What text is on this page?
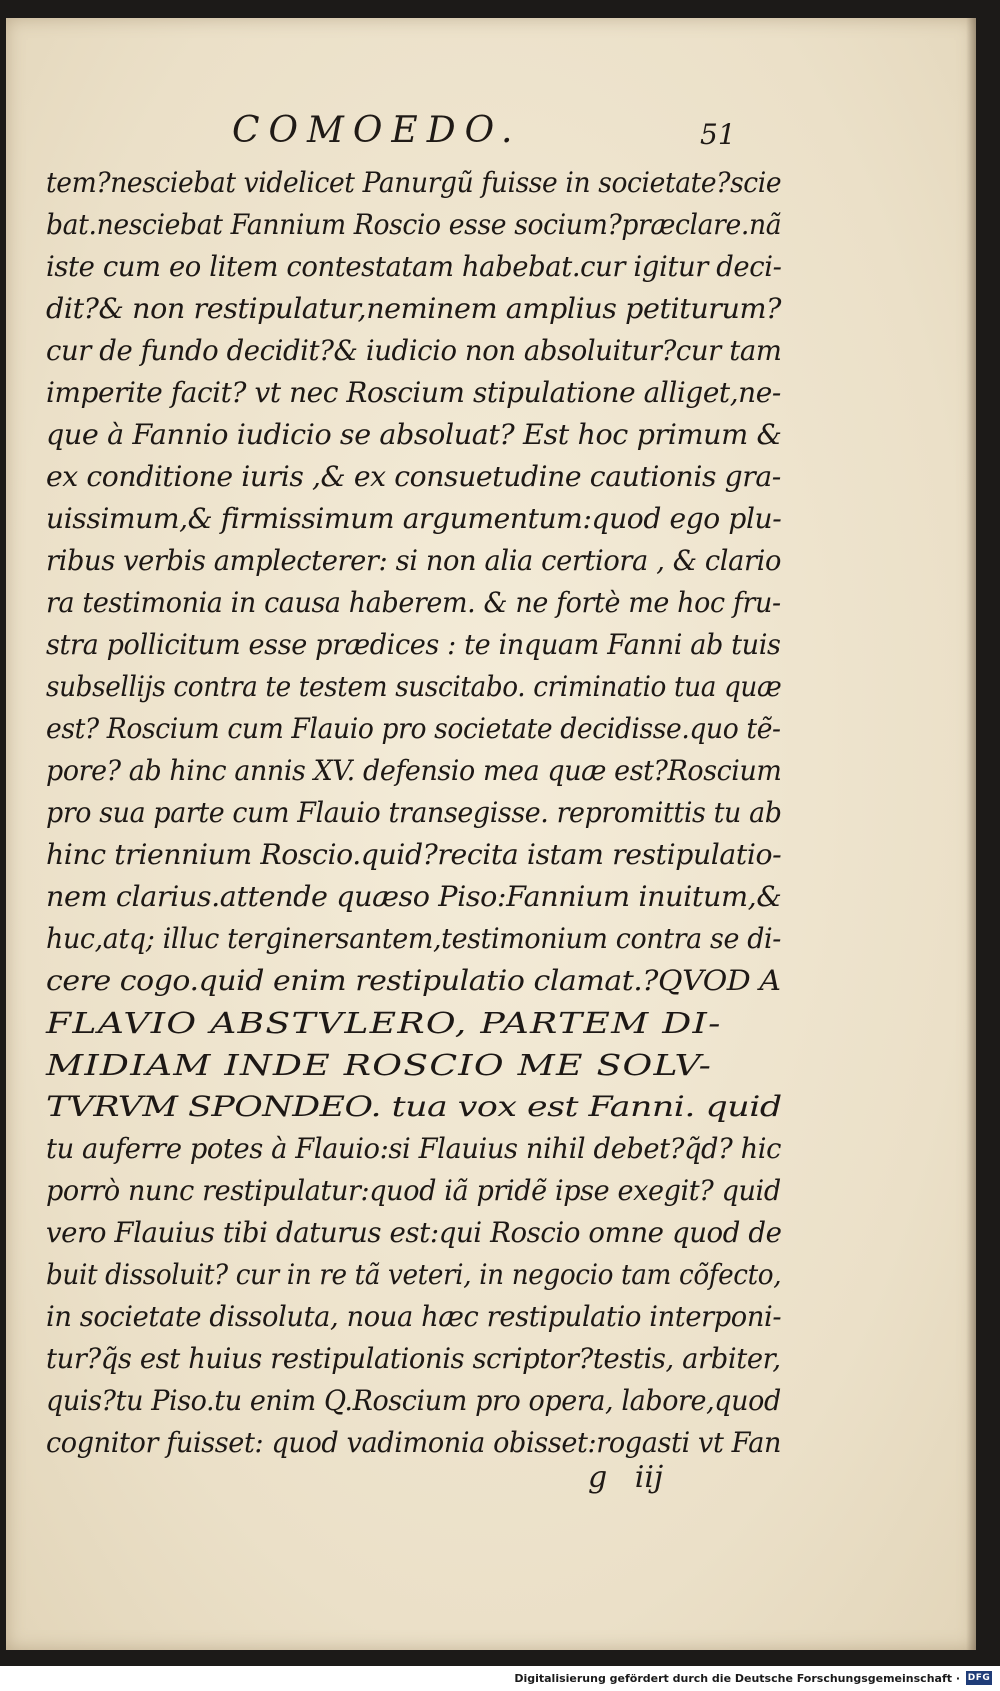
COMOEDO.	51
tem?nesciebat videlicet Panurgũ fuisse in societate?scie
bat.nesciebat Fannium Roscio esse socium?præclare.nã
iste cum eo litem contestatam habebat.cur igitur deci-
dit?& non restipulatur,neminem amplius petiturum?
cur de fundo decidit?& iudicio non absoluitur?cur tam
imperite facit? vt nec Roscium stipulatione alliget,ne-
que à Fannio iudicio se absoluat? Est hoc primum &
ex conditione iuris ,& ex consuetudine cautionis gra-
uissimum,& firmissimum argumentum:quod ego plu-
ribus verbis amplecterer: si non alia certiora , & clario
ra testimonia in causa haberem. & ne fortè me hoc fru-
stra pollicitum esse prædices : te inquam Fanni ab tuis
subsellijs contra te testem suscitabo. criminatio tua quæ
est? Roscium cum Flauio pro societate decidisse.quo tẽ-
pore? ab hinc annis XV. defensio mea quæ est?Roscium
pro sua parte cum Flauio transegisse. repromittis tu ab
hinc triennium Roscio.quid?recita istam restipulatio-
nem clarius.attende quæso Piso:Fannium inuitum,&
huc,atq; illuc terginersantem,testimonium contra se di-
cere cogo.quid enim restipulatio clamat.?QVOD A
FLAVIO ABSTVLERO, PARTEM DI-
MIDIAM INDE ROSCIO ME SOLV-
TVRVM SPONDEO. tua vox est Fanni. quid
tu auferre potes à Flauio:si Flauius nihil debet?q̃d? hic
porrò nunc restipulatur:quod iã pridẽ ipse exegit? quid
vero Flauius tibi daturus est:qui Roscio omne quod de
buit dissoluit? cur in re tã veteri, in negocio tam cõfecto,
in societate dissoluta, noua hæc restipulatio interponi-
tur?q̃s est huius restipulationis scriptor?testis, arbiter,
quis?tu Piso.tu enim Q.Roscium pro opera, labore,quod
cognitor fuisset: quod vadimonia obisset:rogasti vt Fan
g iij
Digitalisierung gefördert durch die Deutsche Forschungsgemeinschaft · DFG
